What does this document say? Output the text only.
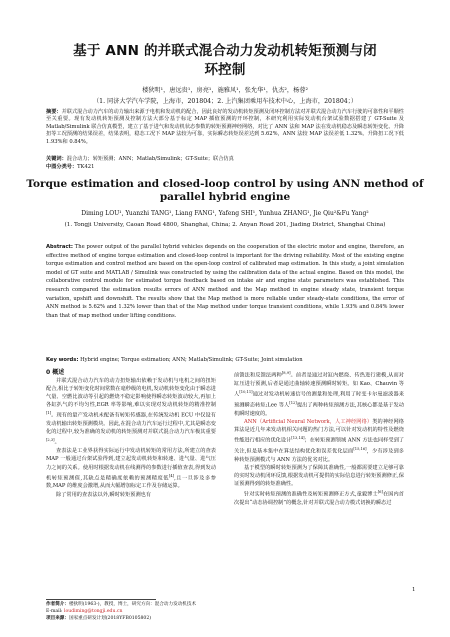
基于 ANN 的并联式混合动力发动机转矩预测与闭
环控制
楼狄明¹，唐远贵¹，房亮¹，施雅风¹，张允华¹，仇杰²，杨蓉²
（1. 同济大学汽车学院，上海市，201804；2. 上汽集团乘用车技术中心，上海市，201804；）
摘要：并联式混合动力汽车的动力输出来源于电机和发动机的配合，因此良好的发动机转矩预测及闭环控制方法对并联式混合动力汽车行驶的可靠性和平顺性至关重要。现有发动机转矩预测及控制方法大部分基于标定 MAP 插值预测的开环控制，本研究利用实际发动机台架试验数据搭建了 GT-Suite 及 Matlab/Simulink 联合仿真模型，建立了基于进气和发动机状态参数的转矩预测神经网络，对比了 ANN 法和 MAP 法在发动机稳态及瞬态转矩变化、升降扭等工况预测的结果误差，结果表明，稳态工况下 MAP 法较为可靠，实际瞬态转矩误差达到 5.62%，ANN 法较 MAP 法误差低 1.32%。升降扭工况下低 1.93%和 0.84%。
关键词：混合动力；转矩预测；ANN；Matlab/Simulink；GT-Suite；联合仿真
中图分类号：TK421
Torque estimation and closed-loop control by using ANN method of
parallel hybrid engine
Diming LOU¹, Yuanzhi TANG¹, Liang FANG¹, Yafeng SHI¹, Yunhua ZHANG¹, Jie Qiu²&Fu Yang²
(1. Tongji University, Caoan Road 4800, Shanghai, China; 2. Anyan Road 201, Jiading District, Shanghai China)
Abstract: The power output of the parallel hybrid vehicles depends on the cooperation of the electric motor and engine, therefore, an effective method of engine torque estimation and closed-loop control is important for the driving reliability. Most of the existing engine torque estimation and control method are based on the open-loop control of calibrated map estimation. In this study, a joint simulation model of GT suite and MATLAB / Simulink was constructed by using the calibration data of the actual engine. Based on this model, the collaborative control module for estimated torque feedback based on intake air and engine state parameters was established. This research compared the estimation results errors of ANN method and the Map method in engine steady state, transient torque variation, upshift and downshift. The results show that the Map method is more reliable under steady-state conditions, the error of ANN method is 5.62% and 1.32% lower than that of the Map method under torque transient conditions, while 1.93% and 0.84% lower than that of map method under lifting conditions.
Key words: Hybrid engine; Torque estimation; ANN; Matlab/Simulink; GT-Suite; Joint simulation

0 概述

并联式混合动力汽车的动力扭矩输出依赖于发动机与电机之间的扭矩配合,相比于转矩变化时间常数在毫秒级的电机,发动机转矩变化由于瞬态进气量、空燃比波动等引起的燃烧不稳定影响使得瞬态转矩波动较大,再加上各缸扒气的不均匀性,EGR 率等影响,难以实现对发动机转矩的精准控制[1]。现有的量产发动机未配备有转矩传感器,在传统发动机 ECU 中仅设有发动机输出转矩预测模块。因此,在混合动力汽车运行过程中,尤其是瞬态变化的过程中,较为准确的发动机的转矩预测对并联式混合动力汽车极其重要[2,3]。

查表法是工业界获得实际运行中发动机转矩的常用方法,所建立的查表 MAP 一般通过台架试验得到,建立起发动机转矩和转速、进气量、进气压力之间的关系。使用时根据发动机在线测得的参数进行插值查表,得到发动机转矩预测值,其缺点是精确度依赖的预测精度低[4],且一旦涉及多参数,MAP 的维度会激增,从而大幅增加标定工作及存储运算。

除了常用的查表法以外,瞬时转矩预测也有

前馈法和反馈法两种[8,9]。前者是通过对缸内燃烧、传热进行建模,从而对缸压进行预测,后者是通过曲轴转速预测瞬时转矩。如 Kao、Chauvin 等人[10,11]通过对发动机转速信号的测量和处理,利用了时变卡尔曼滤波器来预测瞬态转矩;Lee 等人[12]提出了两种转矩预测方法,其核心都是基于发动机瞬时速度的。

ANN（Artificial Neural Network，人工神经网络）类的神经网络算法是近几年来发动机相关问题的热门方法,可以针对发动机的特性及燃烧性能进行相应的优化设计[13,14]；在转矩预测领域 ANN 方法也同样受到了关注,但是基本集中在算法结构优化和误差优化层面[15,16]，少有涉及到多种转矩预测模式与 ANN 方法的优劣对比。

基于模型的瞬时转矩预测为了保障其准确性,一般都需要建立足够可靠的实时发动机闭环反馈,根据发动机可提供的实际信息进行转矩预测修正,保证预测得到的转矩准确性。

针对实时转矩预测的准确性及转矩预测修正方式,童毅博士[6]在国内首次提出“动态协调控制”的概念,针对并联式混合动力模式切换的瞬态过

1
作者简介：楼狄明(1963-)，教授，博士，研究方向：混合动力发动机技术
E-mail: loudiming@tongji.edu.cn
项目来源：国家重点研发计划(2018YFB0105802)
